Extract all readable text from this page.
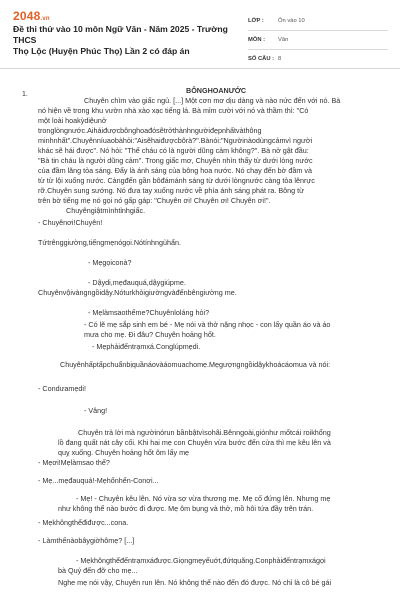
2048.vn
Đề thi thử vào 10 môn Ngữ Văn - Năm 2025 - Trường THCS
Thọ Lộc (Huyện Phúc Thọ) Lần 2 có đáp án
LỚP :	Ôn vào 10
MÔN :	Văn
SỐ CÂU : 8
1.	BÔNGHOANƯỚC
Chuyên chìm vào giấc ngủ. [...] Một cơn mơ dịu dàng và nào nức đến với nó. Bà
nó hiện về trong khu vườn nhà xào xạc tiếng lá. Bà mỉm cười với nó và thầm thì: "Có
một loài hoakỳdiệunở
tronglòngnước.Aiháiđượcbônghoađósẽtrởthànhngườiđẹpnhấtvàthông
minhnhất".Chuyênníuaobàhỏi:"Aisẽhaiđượcbôrà?".Bànói:"Ngườinàodùngcảmvì người
khác sẽ hái được". Nó hỏi: "Thế cháu có là người dũng cảm không?". Bà nở gật đầu:
"Bà tin cháu là người dũng cảm". Trong giấc mơ, Chuyên nhìn thấy từ dưới lòng nước
của đầm lăng tỏa sáng. Đấy là ánh sáng của bông hoa nước. Nó chạy đến bờ đầm và
từ từ lội xuống nước. Càngđến gần bôđámánh sáng từ dưới lòngnước càng tỏa lênrực
rỡ.Chuyên sung sướng. Nó đưa tay xuống nước về phía ánh sáng phát ra. Bông từ
trên bờ tiếng mẹ nó gọi nó gấp gáp: "Chuyên ơi! Chuyên ơi! Chuyên ơi!".
Chuyêngiậtmìnhtỉnhgiấc.
- Chuyênơi!Chuyên!
Tứtrênggiường,tiếngmẹnógọi.Nótínhngủhẩn.
- Mẹgọiconà?
- Dậydi,mẹđauquá,dậygiúpme.
Chuyênvộivàngngồidậy.Nóturkhỏigiườngvàđếnbêngiường me.
- Mẹlàmsaothếme?Chuyênloláng hỏi?
- Có lẽ mẹ sắp sinh em bé - Mẹ nói và thở nặng nhọc - con lấy quần áo và áo
mưa cho mẹ. Đi đâu? Chuyên hoảng hốt.
- Mẹphảiđếntrạmxá.Conglúpmẹdi.
Chuyênhấptấpchuẩnbịquầnáovàáomuachomẹ.Mẹgượngngồidậykhoácáomua và nói:
- Condưamẹdi!
- Vâng!
Chuyên trả lời mà ngườinórun bầnbậtvìsohãi.Bênngoài,giónhư mốtcái roikhổng
lồ đang quất nát cây cối. Khi hai mẹ con Chuyên vừa bước đến cửa thì mẹ kêu lên và
quỵ xuống. Chuyên hoảng hốt ôm lấy mẹ
- Mẹơi!Mẹlàmsao thế?
- Mẹ...mẹđauquá!-Mẹhổnhển-Conơi...
- Mẹ! - Chuyên kêu lên. Nó vừa sợ vừa thương mẹ. Mẹ cố đứng lên. Nhưng mẹ
như không thể nào bước đi được. Mẹ ôm bụng và thở, mồ hôi tứa đầy trên trán.
- Mẹkhôngthểđiđược...cona.
- Làmthếnàobâygiờhômẹ? [...]
- Mẹkhôngthểđếntrạmxáđược.Giọngmẹyếuớt,đứtquãng.Conphảiđếntrạmxágọi
bà Quý đến đỡ cho mẹ...
Nghe mẹ nói vậy, Chuyên run lên. Nó không thể nào đến đó được. Nó chỉ là cô bé gái
